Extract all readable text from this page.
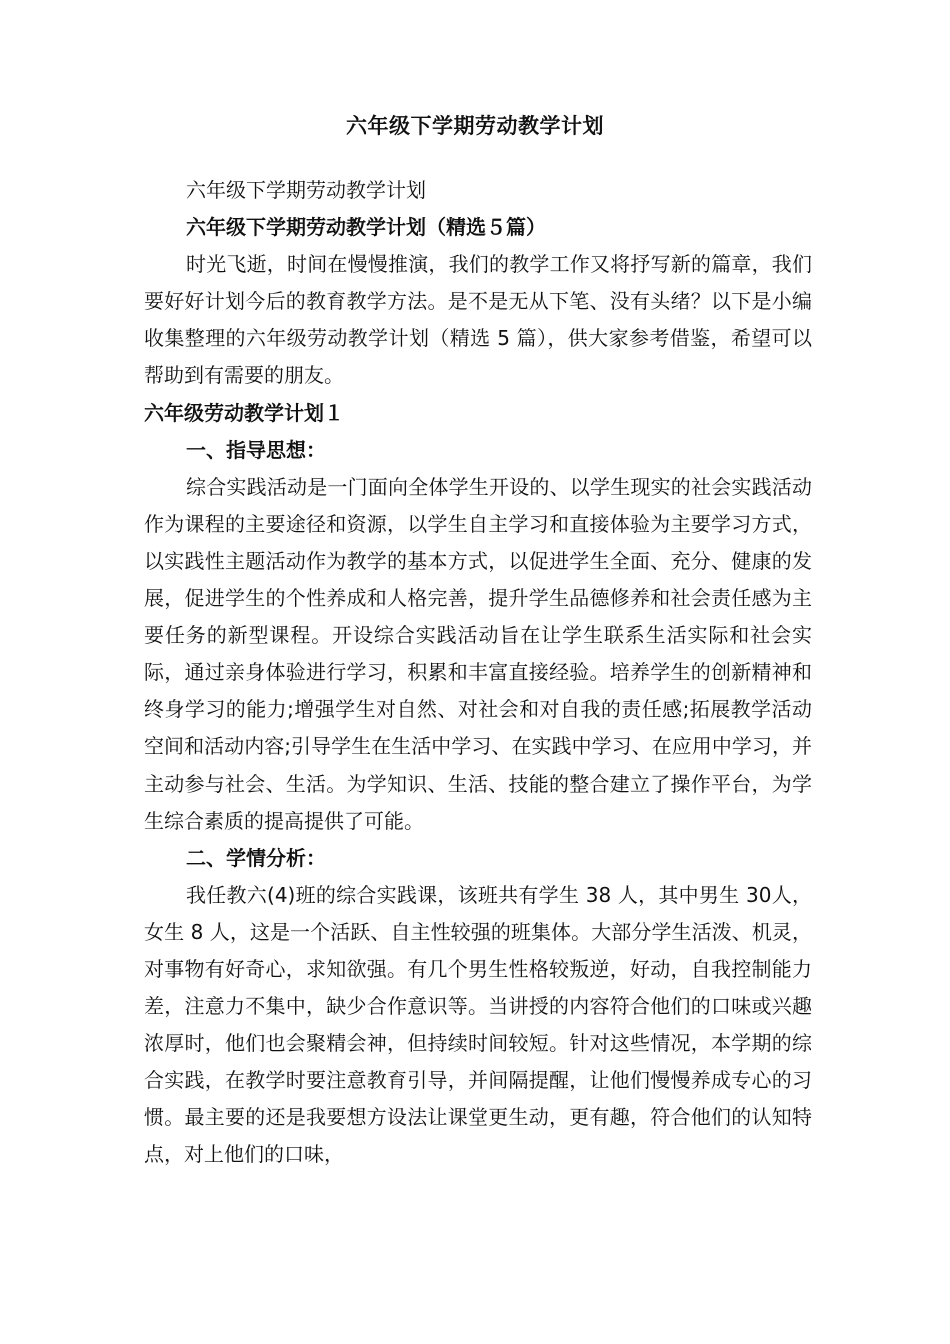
六年级下学期劳动教学计划

六年级下学期劳动教学计划

六年级下学期劳动教学计划（精选５篇）

时光飞逝，时间在慢慢推演，我们的教学工作又将抒写新的篇章，我们要好好计划今后的教育教学方法。是不是无从下笔、没有头绪？以下是小编收集整理的六年级劳动教学计划（精选 5 篇），供大家参考借鉴，希望可以帮助到有需要的朋友。

六年级劳动教学计划１

一、指导思想：

综合实践活动是一门面向全体学生开设的、以学生现实的社会实践活动作为课程的主要途径和资源，以学生自主学习和直接体验为主要学习方式，以实践性主题活动作为教学的基本方式，以促进学生全面、充分、健康的发展，促进学生的个性养成和人格完善，提升学生品德修养和社会责任感为主要任务的新型课程。开设综合实践活动旨在让学生联系生活实际和社会实际，通过亲身体验进行学习，积累和丰富直接经验。培养学生的创新精神和终身学习的能力;增强学生对自然、对社会和对自我的责任感;拓展教学活动空间和活动内容;引导学生在生活中学习、在实践中学习、在应用中学习，并主动参与社会、生活。为学知识、生活、技能的整合建立了操作平台，为学生综合素质的提高提供了可能。

二、学情分析：

我任教六(4)班的综合实践课，该班共有学生 38 人，其中男生 30人，女生 8 人，这是一个活跃、自主性较强的班集体。大部分学生活泼、机灵，对事物有好奇心，求知欲强。有几个男生性格较叛逆，好动，自我控制能力差，注意力不集中，缺少合作意识等。当讲授的内容符合他们的口味或兴趣浓厚时，他们也会聚精会神，但持续时间较短。针对这些情况，本学期的综合实践，在教学时要注意教育引导，并间隔提醒，让他们慢慢养成专心的习惯。最主要的还是我要想方设法让课堂更生动，更有趣，符合他们的认知特点，对上他们的口味，
